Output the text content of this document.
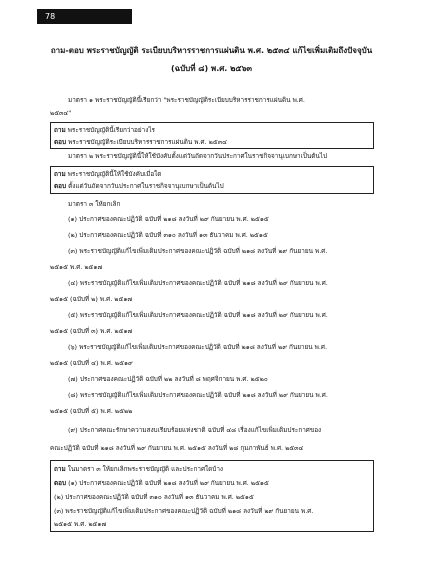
78
ถาม-ตอบ พระราชบัญญัติ ระเบียบบริหารราชการแผ่นดิน พ.ศ. ๒๕๓๔ แก้ไขเพิ่มเติมถึงปัจจุบัน
(ฉบับที่ ๘) พ.ศ. ๒๕๖๓
มาตรา ๑ พระราชบัญญัตินี้เรียกว่า "พระราชบัญญัติระเบียบบริหารราชการแผ่นดิน พ.ศ.
๒๕๓๔"
ถาม พระราชบัญญัตินี้เรียกว่าอย่างไร
ตอบ พระราชบัญญัติระเบียบบริหารราชการแผ่นดิน พ.ศ. ๒๕๓๔
มาตรา ๒ พระราชบัญญัตินี้ให้ใช้บังคับตั้งแต่วันถัดจากวันประกาศในราชกิจจานุเบกษาเป็นต้นไป
ถาม พระราชบัญญัตินี้ให้ใช้บังคับเมื่อใด
ตอบ ตั้งแต่วันถัดจากวันประกาศในราชกิจจานุเบกษาเป็นต้นไป
มาตรา ๓ ให้ยกเลิก
(๑) ประกาศของคณะปฏิวัติ ฉบับที่ ๒๑๘ ลงวันที่ ๒๙ กันยายน พ.ศ. ๒๕๑๕
(๒) ประกาศของคณะปฏิวัติ ฉบับที่ ๓๑๐ ลงวันที่ ๑๓ ธันวาคม พ.ศ. ๒๕๑๕
(๓) พระราชบัญญัติแก้ไขเพิ่มเติมประกาศของคณะปฏิวัติ ฉบับที่ ๒๑๘ ลงวันที่ ๒๙ กันยายน พ.ศ.
๒๕๑๕ พ.ศ. ๒๕๑๗
(๔) พระราชบัญญัติแก้ไขเพิ่มเติมประกาศของคณะปฏิวัติ ฉบับที่ ๒๑๘ ลงวันที่ ๒๙ กันยายน พ.ศ.
๒๕๑๕ (ฉบับที่ ๒) พ.ศ. ๒๕๑๗
(๕) พระราชบัญญัติแก้ไขเพิ่มเติมประกาศของคณะปฏิวัติ ฉบับที่ ๒๑๘ ลงวันที่ ๒๙ กันยายน พ.ศ.
๒๕๑๕ (ฉบับที่ ๓) พ.ศ. ๒๕๑๗
(๖) พระราชบัญญัติแก้ไขเพิ่มเติมประกาศของคณะปฏิวัติ ฉบับที่ ๒๑๘ ลงวันที่ ๒๙ กันยายน พ.ศ.
๒๕๑๕ (ฉบับที่ ๔) พ.ศ. ๒๕๑๙
(๗) ประกาศของคณะปฏิวัติ ฉบับที่ ๒๒ ลงวันที่ ๘ พฤศจิกายน พ.ศ. ๒๕๒๐
(๘) พระราชบัญญัติแก้ไขเพิ่มเติมประกาศของคณะปฏิวัติ ฉบับที่ ๒๑๘ ลงวันที่ ๒๙ กันยายน พ.ศ.
๒๕๑๕ (ฉบับที่ ๕) พ.ศ. ๒๕๒๒
(๙) ประกาศคณะรักษาความสงบเรียบร้อยแห่งชาติ ฉบับที่ ๔๘ เรื่องแก้ไขเพิ่มเติมประกาศของ
คณะปฏิวัติ ฉบับที่ ๒๑๘ ลงวันที่ ๒๙ กันยายน พ.ศ. ๒๕๑๕ ลงวันที่ ๒๘ กุมภาพันธ์ พ.ศ. ๒๕๓๔
ถาม ในมาตรา ๓ ให้ยกเลิกพระราชบัญญัติ และประกาศใดบ้าง
ตอบ (๑) ประกาศของคณะปฏิวัติ ฉบับที่ ๒๑๘ ลงวันที่ ๒๙ กันยายน พ.ศ. ๒๕๑๕
(๒) ประกาศของคณะปฏิวัติ ฉบับที่ ๓๑๐ ลงวันที่ ๑๓ ธันวาคม พ.ศ. ๒๕๑๕
(๓) พระราชบัญญัติแก้ไขเพิ่มเติมประกาศของคณะปฏิวัติ ฉบับที่ ๒๑๘ ลงวันที่ ๒๙ กันยายน พ.ศ.
๒๕๑๕ พ.ศ. ๒๕๑๗
